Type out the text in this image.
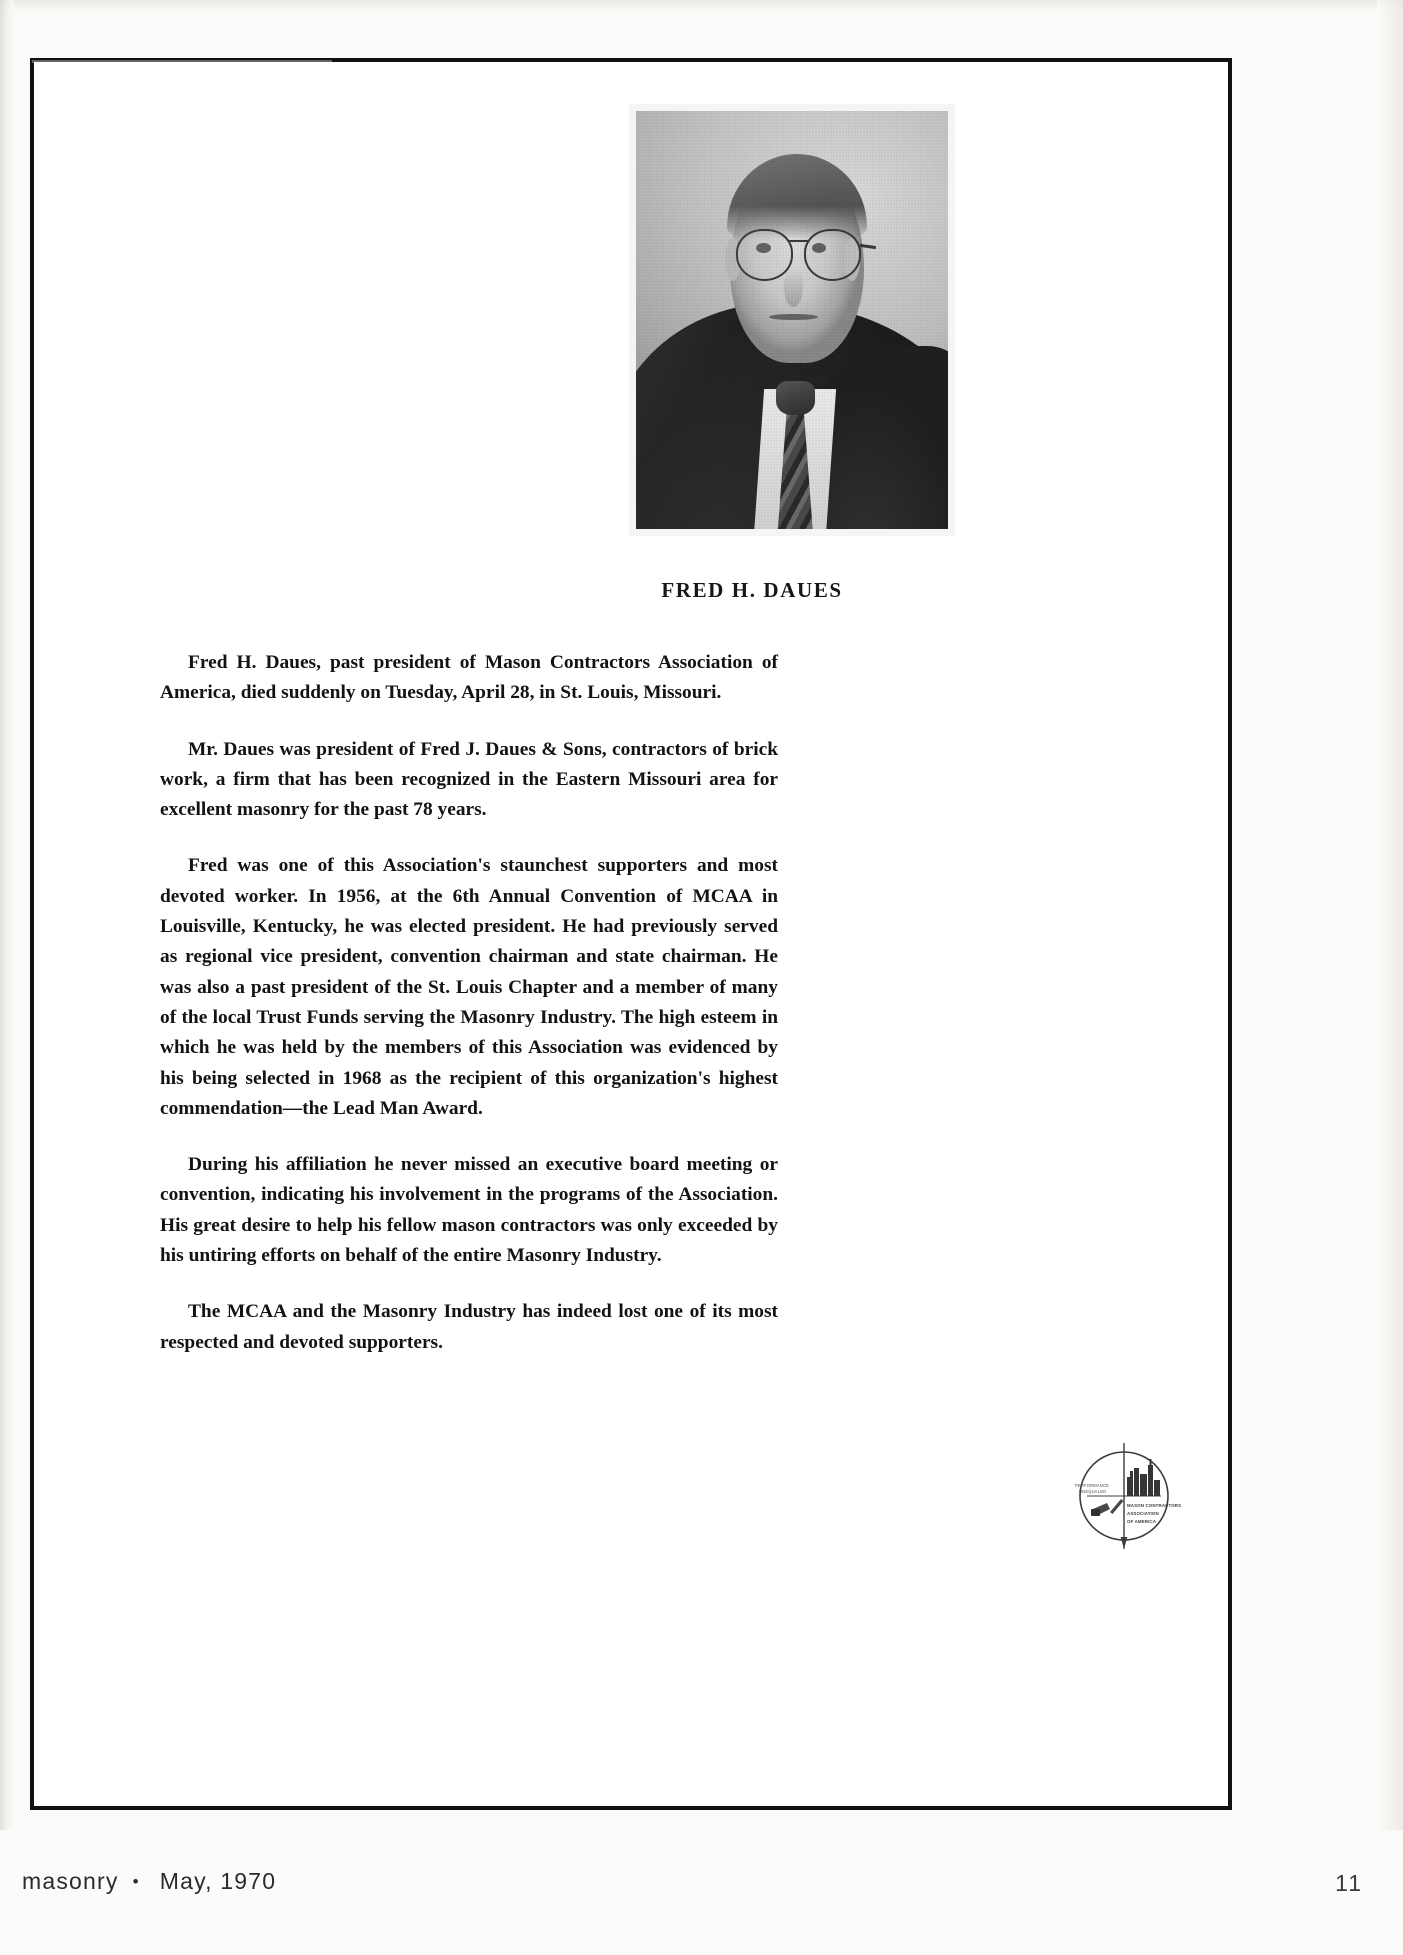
FRED H. DAUES

Fred H. Daues, past president of Mason Contractors Association of America, died suddenly on Tuesday, April 28, in St. Louis, Missouri.

Mr. Daues was president of Fred J. Daues & Sons, contractors of brick work, a firm that has been recognized in the Eastern Missouri area for excellent masonry for the past 78 years.

Fred was one of this Association's staunchest supporters and most devoted worker. In 1956, at the 6th Annual Convention of MCAA in Louisville, Kentucky, he was elected president. He had previously served as regional vice president, convention chairman and state chairman. He was also a past president of the St. Louis Chapter and a member of many of the local Trust Funds serving the Masonry Industry. The high esteem in which he was held by the members of this Association was evidenced by his being selected in 1968 as the recipient of this organization's highest commendation—the Lead Man Award.

During his affiliation he never missed an executive board meeting or convention, indicating his involvement in the programs of the Association. His great desire to help his fellow mason contractors was only exceeded by his untiring efforts on behalf of the entire Masonry Industry.

The MCAA and the Masonry Industry has indeed lost one of its most respected and devoted supporters.

PERFORMANCE
UNEQUALED
MASON CONTRACTORS
ASSOCIATION
OF AMERICA
masonry • May, 1970	11
